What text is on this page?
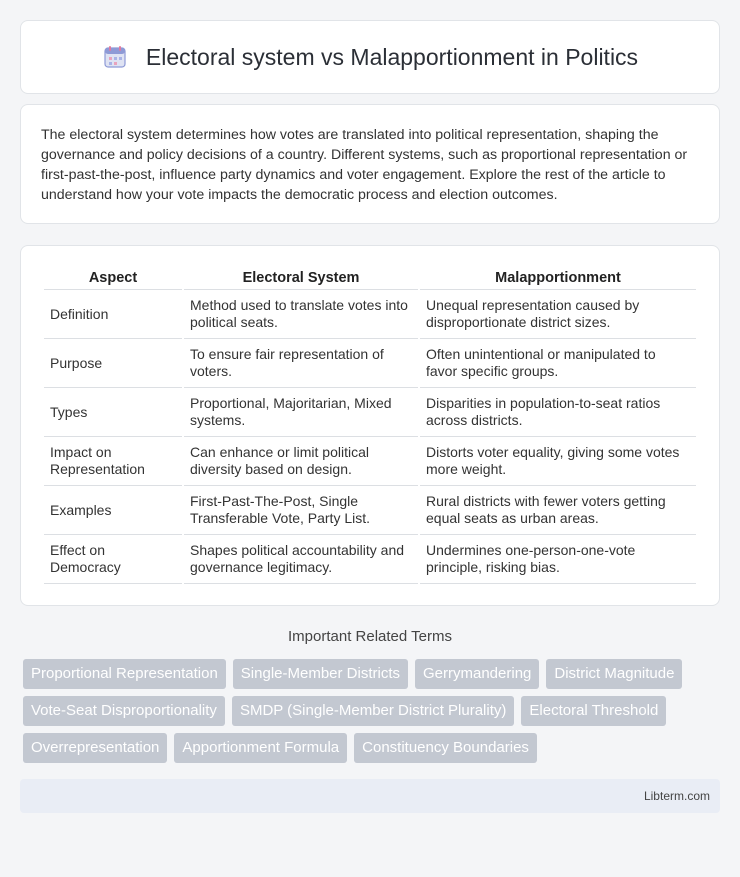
Electoral system vs Malapportionment in Politics

The electoral system determines how votes are translated into political representation, shaping the governance and policy decisions of a country. Different systems, such as proportional representation or first-past-the-post, influence party dynamics and voter engagement. Explore the rest of the article to understand how your vote impacts the democratic process and election outcomes.

Aspect	Electoral System	Malapportionment
Definition	Method used to translate votes into political seats.	Unequal representation caused by disproportionate district sizes.
Purpose	To ensure fair representation of voters.	Often unintentional or manipulated to favor specific groups.
Types	Proportional, Majoritarian, Mixed systems.	Disparities in population-to-seat ratios across districts.
Impact on Representation	Can enhance or limit political diversity based on design.	Distorts voter equality, giving some votes more weight.
Examples	First-Past-The-Post, Single Transferable Vote, Party List.	Rural districts with fewer voters getting equal seats as urban areas.
Effect on Democracy	Shapes political accountability and governance legitimacy.	Undermines one-person-one-vote principle, risking bias.
Important Related Terms
Proportional Representation	Single-Member Districts	Gerrymandering	District Magnitude
Vote-Seat Disproportionality	SMDP (Single-Member District Plurality)	Electoral Threshold
Overrepresentation	Apportionment Formula	Constituency Boundaries
Libterm.com
